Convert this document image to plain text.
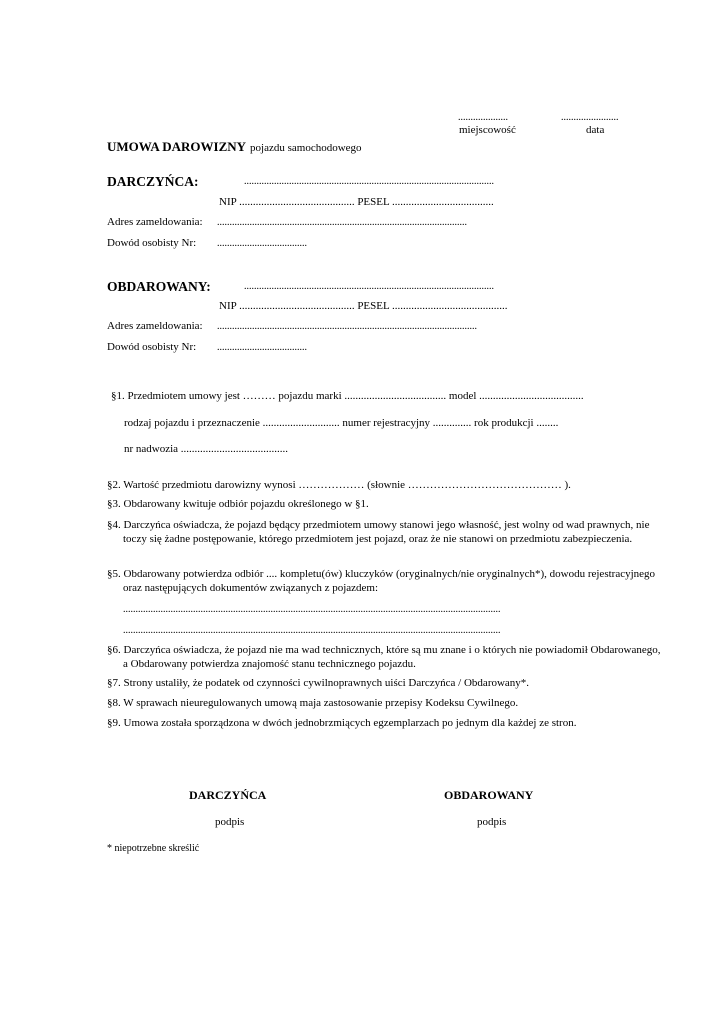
....................	.......................
miejscowość	data
UMOWA DAROWIZNY pojazdu samochodowego
DARCZYŃCA:	....................................................................................................
NIP .......................................... PESEL .....................................
Adres zameldowania: ....................................................................................................
Dowód osobisty Nr: ....................................
OBDAROWANY:	....................................................................................................
NIP .......................................... PESEL ..........................................
Adres zameldowania: ........................................................................................................
Dowód osobisty Nr: ....................................
§1. Przedmiotem umowy jest ……… pojazdu marki ..................................... model ......................................
rodzaj pojazdu i przeznaczenie ............................ numer rejestracyjny .............. rok produkcji ........
nr nadwozia .......................................
§2. Wartość przedmiotu darowizny wynosi ……………… (słownie …………………………………… ).
§3. Obdarowany kwituje odbiór pojazdu określonego w §1.
§4. Darczyńca oświadcza, że pojazd będący przedmiotem umowy stanowi jego własność, jest wolny od wad prawnych, nie toczy się żadne postępowanie, którego przedmiotem jest pojazd, oraz że nie stanowi on przedmiotu zabezpieczenia.
§5. Obdarowany potwierdza odbiór .... kompletu(ów) kluczyków (oryginalnych/nie oryginalnych*), dowodu rejestracyjnego oraz następujących dokumentów związanych z pojazdem:
.......................................................................................................................................................
.......................................................................................................................................................
§6. Darczyńca oświadcza, że pojazd nie ma wad technicznych, które są mu znane i o których nie powiadomił Obdarowanego, a Obdarowany potwierdza znajomość stanu technicznego pojazdu.
§7. Strony ustaliły, że podatek od czynności cywilnoprawnych uiści Darczyńca / Obdarowany*.
§8. W sprawach nieuregulowanych umową maja zastosowanie przepisy Kodeksu Cywilnego.
§9. Umowa została sporządzona w dwóch jednobrzmiących egzemplarzach po jednym dla każdej ze stron.
DARCZYŃCA	OBDAROWANY
podpis	podpis
* niepotrzebne skreślić
